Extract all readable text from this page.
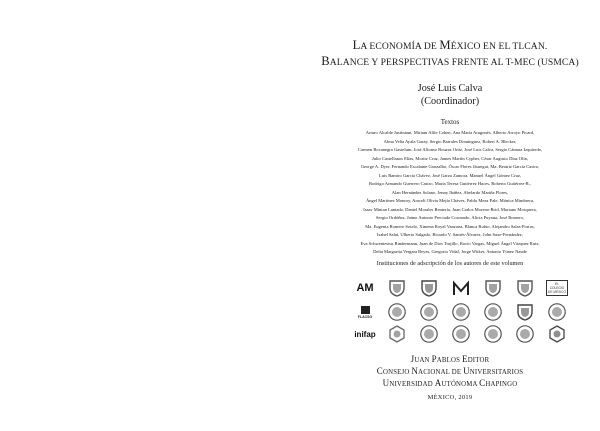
LA ECONOMÍA DE MÉXICO EN EL TLCAN.
BALANCE Y PERSPECTIVAS FRENTE AL T-MEC (USMCA)
José Luis Calva
(Coordinador)
Textos
Arturo Alcalde Justiniani, Miriam Alfie Cohen, Ana María Aragonés, Alberto Arroyo Picard,
Alma Velia Ayala Garay, Sergio Barrales Domínguez, Robert A. Blecker,
Carmen Bocanegra Gastelum, José Alfonso Bouzas Ortiz, José Luis Calva, Sergio Cámara Izquierdo,
Julio Castellanos Elías, Moritz Cruz, James Martín Cypher, César Augusto Díaz Olín,
George A. Dyer, Fernando Escalante Gonzalbo, Óscar Flores Jáuregui, Ma. Beatriz García Castro,
Luis Ramiro García Chávez, José Garza Zamora, Manuel Ángel Gómez Cruz,
Rodrigo Armando Guerrero Castro, María Teresa Gutiérrez Haces, Roberto Gutiérrez-R.,
Alan Hernández Solano, Jenny Ibáñez, Abelardo Mariña Flores,
Ángel Martínez Monroy, Araceli Olivia Mejía Chávez, Pablo Meza Pale, Mónica Mimbrera,
Isaac Minian Laniado, Daniel Morales Rentería, Juan Carlos Moreno-Brid, Mariano Mosquera,
Sergio Ordóñez, Jaime Antonio Preciado Coronado, Alicia Puyana, José Romero,
Ma. Eugenia Romero Sotelo, Ximena Royal Vanzona, Blanca Rubio, Alejandro Salas-Porras,
Isabel Salat, Ulberto Salgado, Ricardo V. Santés-Álvarez, John Saxe-Fernández,
Eva Schwentesius Rindermann, Juan de Dios Trujillo, Rocío Vargas, Miguel Ángel Vázquez Ruiz,
Delia Margarita Vergara Reyes, Gregorio Vidal, Jorge Witker, Antonio Yúnez Naude
Instituciones de adscripción de los autores de este volumen
AM	EL COLEGIO DE MÉXICO
FLACSO
inifap
JUAN PABLOS EDITOR
CONSEJO NACIONAL DE UNIVERSITARIOS
UNIVERSIDAD AUTÓNOMA CHAPINGO
MÉXICO, 2019
